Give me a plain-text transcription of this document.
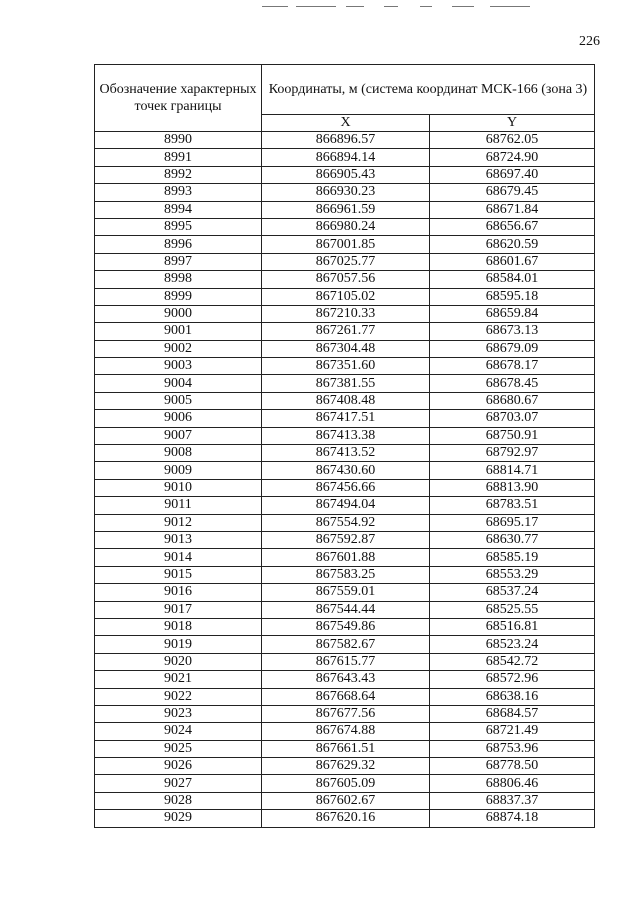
226
Обозначение характерных точек границы	Координаты, м (система координат МСК-166 (зона 3)	
	X	Y
8990	866896.57	68762.05
8991	866894.14	68724.90
8992	866905.43	68697.40
8993	866930.23	68679.45
8994	866961.59	68671.84
8995	866980.24	68656.67
8996	867001.85	68620.59
8997	867025.77	68601.67
8998	867057.56	68584.01
8999	867105.02	68595.18
9000	867210.33	68659.84
9001	867261.77	68673.13
9002	867304.48	68679.09
9003	867351.60	68678.17
9004	867381.55	68678.45
9005	867408.48	68680.67
9006	867417.51	68703.07
9007	867413.38	68750.91
9008	867413.52	68792.97
9009	867430.60	68814.71
9010	867456.66	68813.90
9011	867494.04	68783.51
9012	867554.92	68695.17
9013	867592.87	68630.77
9014	867601.88	68585.19
9015	867583.25	68553.29
9016	867559.01	68537.24
9017	867544.44	68525.55
9018	867549.86	68516.81
9019	867582.67	68523.24
9020	867615.77	68542.72
9021	867643.43	68572.96
9022	867668.64	68638.16
9023	867677.56	68684.57
9024	867674.88	68721.49
9025	867661.51	68753.96
9026	867629.32	68778.50
9027	867605.09	68806.46
9028	867602.67	68837.37
9029	867620.16	68874.18
